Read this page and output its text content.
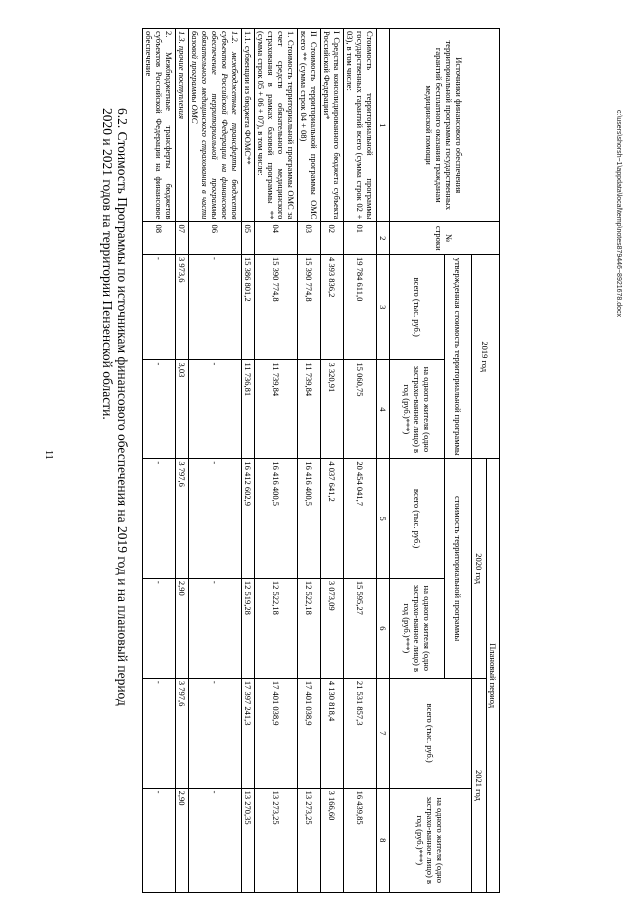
11	6.2. Стоимость Программы по источникам финансового обеспечения на 2019 год и на плановый период
2020 и 2021 годов на территории Пензенской области.	Источники финансового обеспечения территориальной программы государственных гарантий бесплатного оказания гражданам медицинской помощи	№ строки	2019 год		Плановый период			
				2020 год		2021 год	
		утвержденная стоимость территориальной программы		стоимость территориальной программы		всего (тыс. руб.)	на одного жителя (одно застрахо-ванное лицо) в год (руб.)***)
		всего (тыс. руб.)	на одного жителя (одно застрахо-ванное лицо) в год (руб.)***)	всего (тыс. руб.)	на одного жителя (одно застрахо-ванное лицо) в год (руб.)***)		
1	2	3	4	5	6	7	8
Стоимость территориальной программы государственных гарантий всего (сумма строк 02 + 03), в том числе:	01	19 784 611,0	15 060,75	20 454 041,7	15 595,27	21 531 857,3	16 439,85
I Средства консолидированного бюджета субъекта Российской Федерации*	02	4 393 836,2	3 320,91	4 037 641,2	3 073,09	4 130 818,4	3 166,60
II Стоимость территориальной программы ОМС всего ** (сумма строк 04 + 08)	03	15 390 774,8	11 739,84	16 416 400,5	12 522,18	17 401 038,9	13 273,25
1. Стоимость территориальной программы ОМС за счет средств обязательного медицинского страхования в рамках базовой программы ** (сумма строк 05 + 06 + 07), в том числе:	04	15 390 774,8	11 739,84	16 416 400,5	12 522,18	17 401 038,9	13 273,25
1.1. субвенции из бюджета ФОМС**	05	15 386 801,2	11 736,81	16 412 602,9	12 519,28	17 397 241,3	13 270,35
1.2. межбюджетные трансферты бюджетов субъектов Российской Федерации на финансовое обеспечение территориальной программы обязательного медицинского страхования в части базовой программы ОМС	06	-	-	-	-	-	-
1.3. прочие поступления	07	3 973,6	3,03	3 797,6	2,90	3 797,6	2,90
2. Межбюджетные трансферты бюджетов субъектов Российской Федерации на финансовое обеспечение	08	-	-	-	-	-	-
c:\users\shorsh~1\appdata\local\temp\notes879446~8921678.docx
